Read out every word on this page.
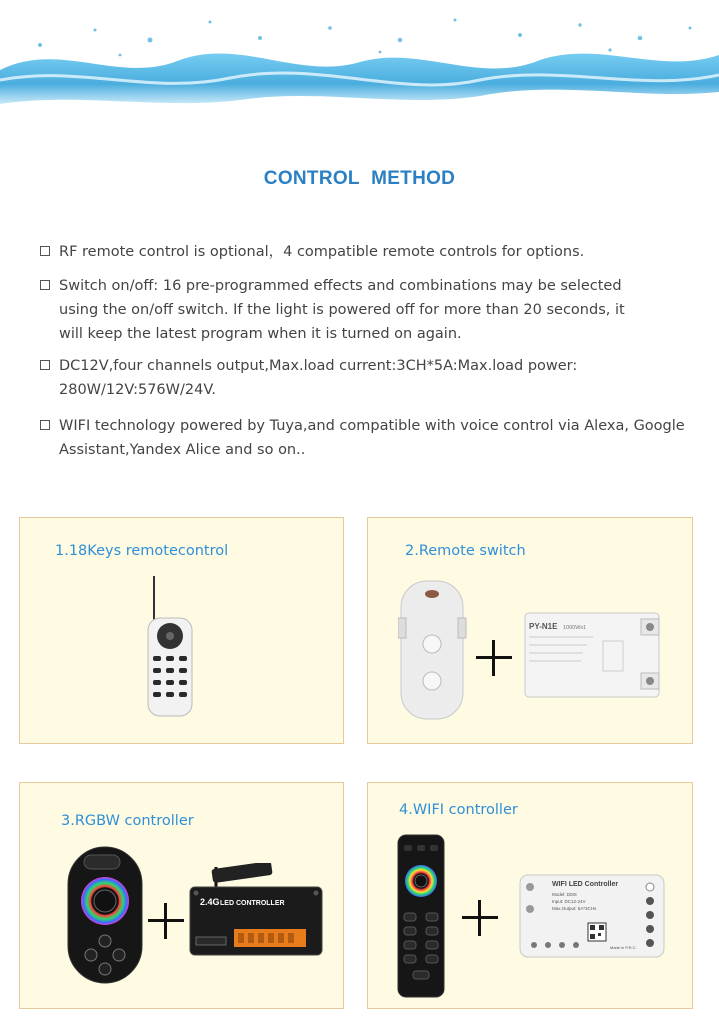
CONTROL METHOD
RF remote control is optional，4 compatible remote controls for options.
Switch on/off: 16 pre-programmed effects and combinations may be selected using the on/off switch. If the light is powered off for more than 20 seconds, it will keep the latest program when it is turned on again.
DC12V,four channels output,Max.load current:3CH*5A:Max.load power: 280W/12V:576W/24V.
WIFI technology powered by Tuya,and compatible with voice control via Alexa, Google Assistant,Yandex Alice and so on..
1.18Keys remotecontrol	2.Remote switch
PY-N1E 1000Wx1
3.RGBW controller
2.4G LED CONTROLLER
4.WIFI controller
WIFI LED Controller
Model: D0IS
Input: DC12-24V
Max.Output: 5A*3CHs
Made in P.R.C.
